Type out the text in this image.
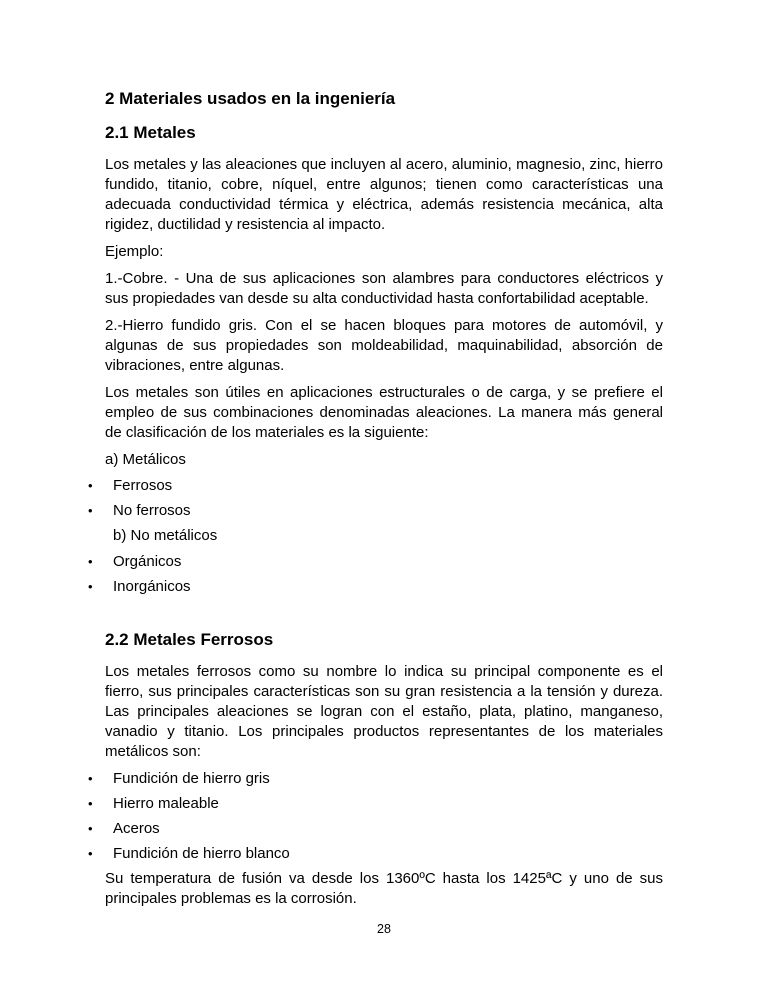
2 Materiales usados en la ingeniería
2.1 Metales

Los metales y las aleaciones que incluyen al acero, aluminio, magnesio, zinc, hierro fundido, titanio, cobre, níquel, entre algunos; tienen como características una adecuada conductividad térmica y eléctrica, además resistencia mecánica, alta rigidez, ductilidad y resistencia al impacto.

Ejemplo:

1.-Cobre. - Una de sus aplicaciones son alambres para conductores eléctricos y sus propiedades van desde su alta conductividad hasta confortabilidad aceptable.

2.-Hierro fundido gris. Con el se hacen bloques para motores de automóvil, y algunas de sus propiedades son moldeabilidad, maquinabilidad, absorción de vibraciones, entre algunas.

Los metales son útiles en aplicaciones estructurales o de carga, y se prefiere el empleo de sus combinaciones denominadas aleaciones. La manera más general de clasificación de los materiales es la siguiente:

a) Metálicos
•	Ferrosos
•	No ferrosos
b) No metálicos
•	Orgánicos
•	Inorgánicos
2.2 Metales Ferrosos

Los metales ferrosos como su nombre lo indica su principal componente es el fierro, sus principales características son su gran resistencia a la tensión y dureza. Las principales aleaciones se logran con el estaño, plata, platino, manganeso, vanadio y titanio. Los principales productos representantes de los materiales metálicos son:

•	Fundición de hierro gris
•	Hierro maleable
•	Aceros
•	Fundición de hierro blanco

Su temperatura de fusión va desde los 1360ºC hasta los 1425ªC y uno de sus principales problemas es la corrosión.

28
